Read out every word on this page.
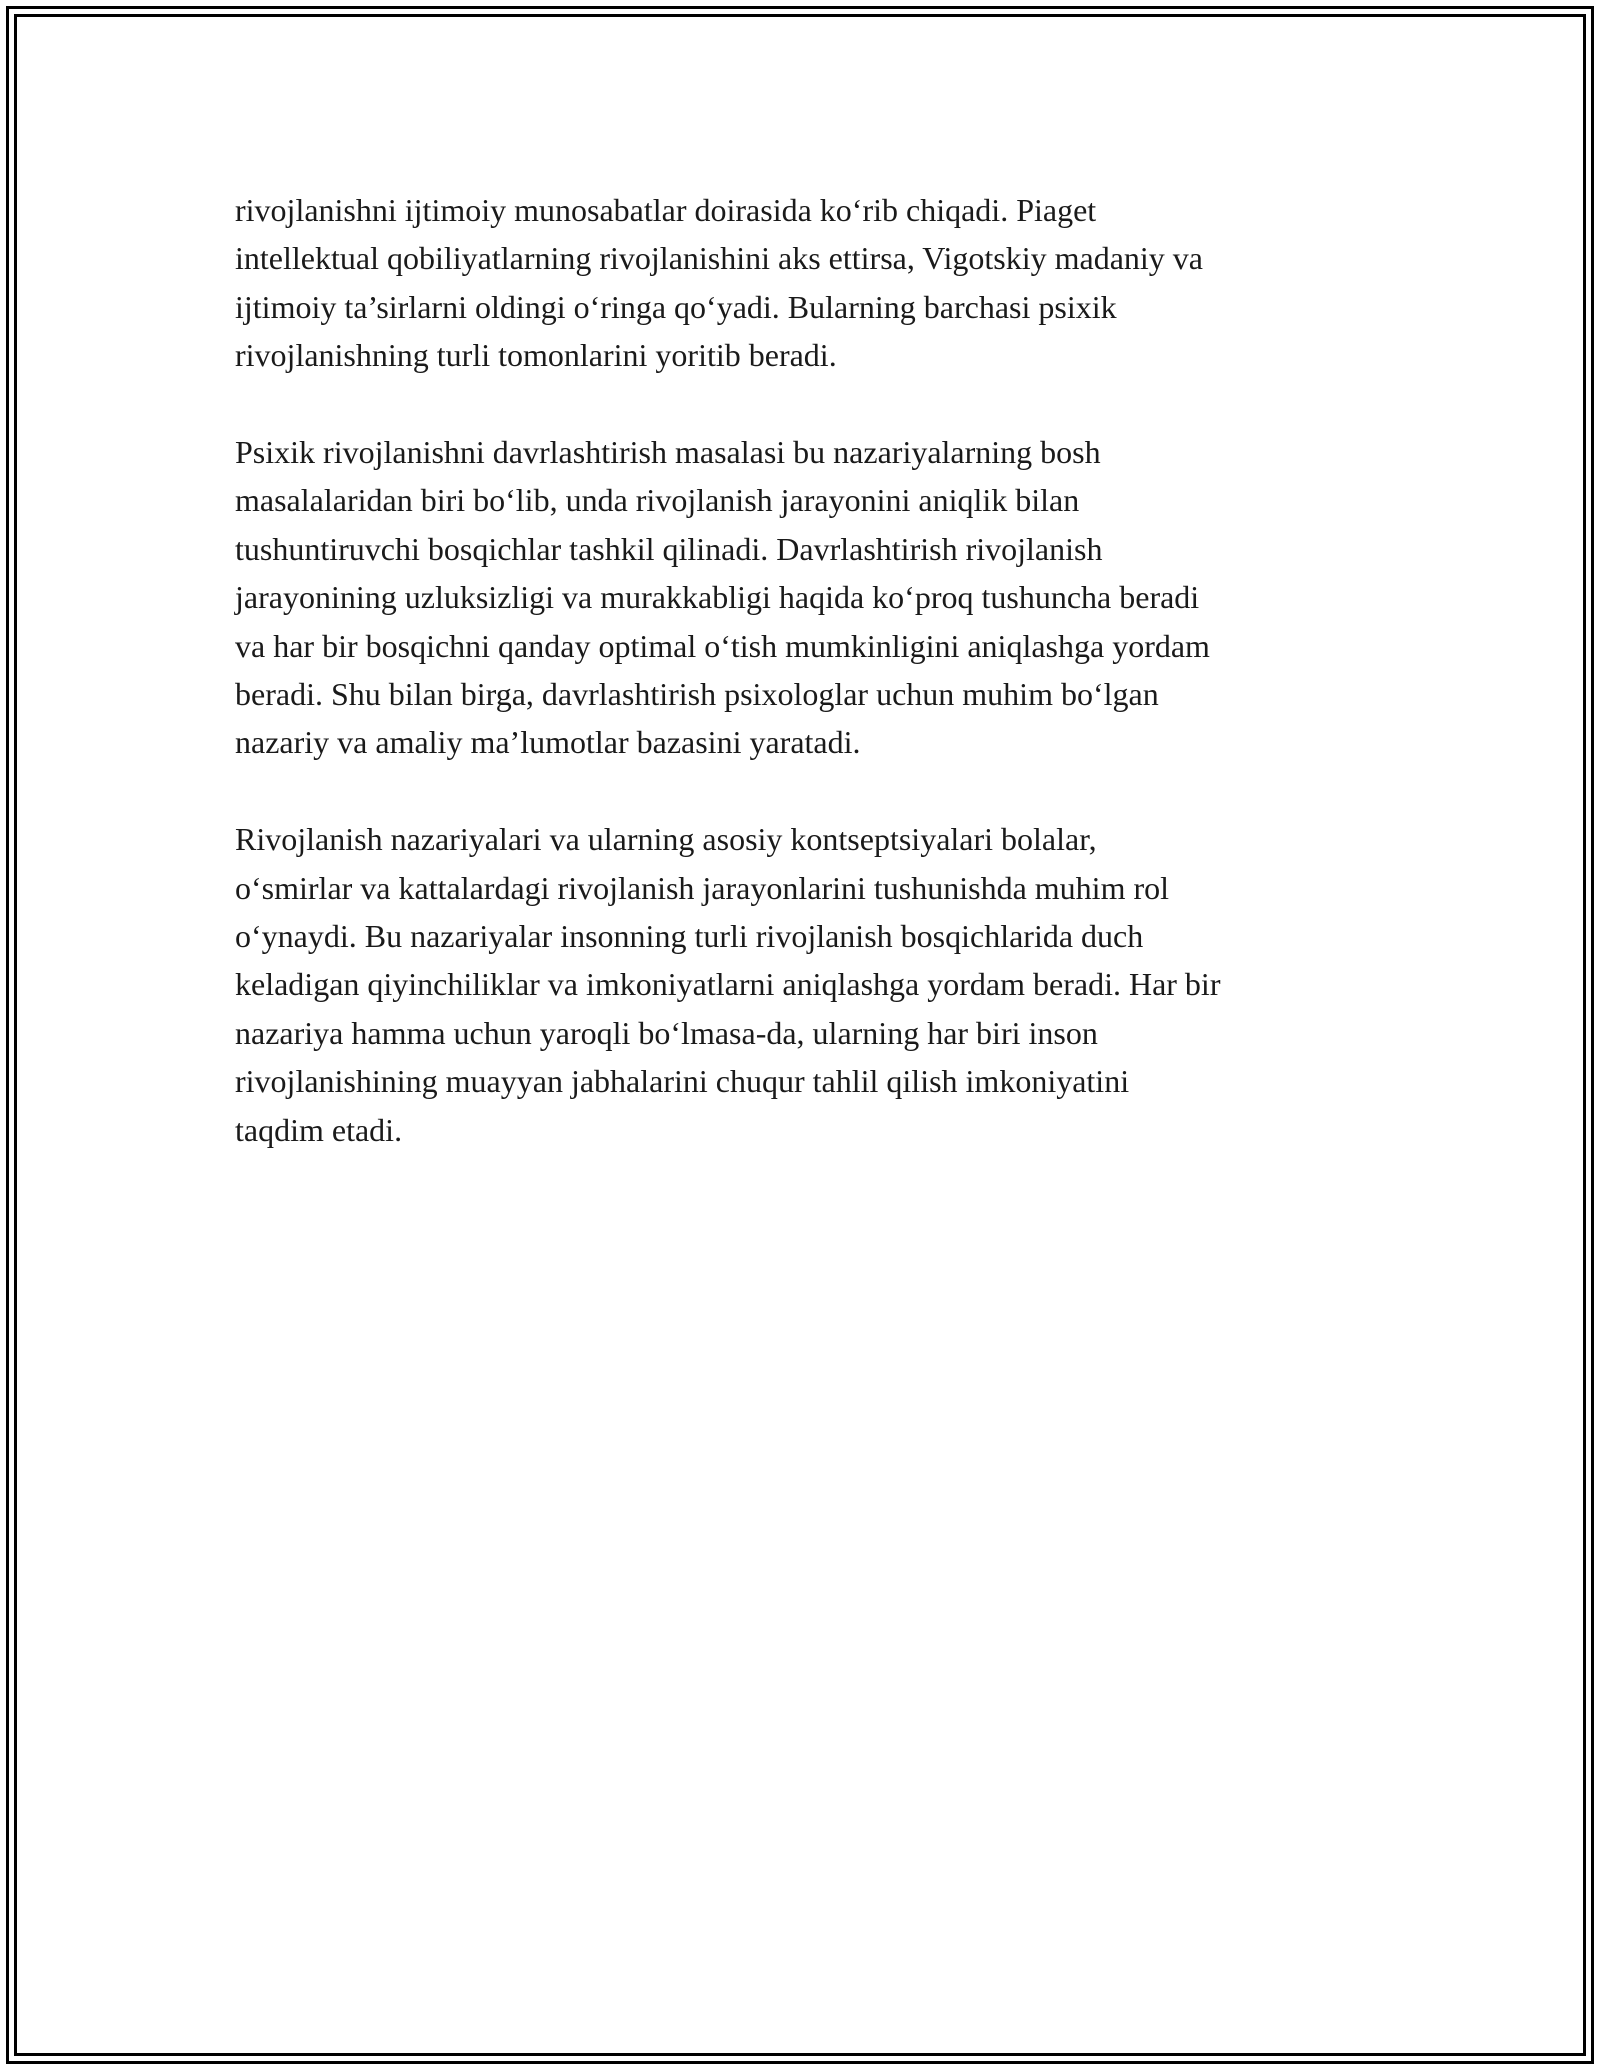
rivojlanishni ijtimoiy munosabatlar doirasida ko‘rib chiqadi. Piaget
intellektual qobiliyatlarning rivojlanishini aks ettirsa, Vigotskiy madaniy va
ijtimoiy ta’sirlarni oldingi o‘ringa qo‘yadi. Bularning barchasi psixik
rivojlanishning turli tomonlarini yoritib beradi.

Psixik rivojlanishni davrlashtirish masalasi bu nazariyalarning bosh
masalalaridan biri bo‘lib, unda rivojlanish jarayonini aniqlik bilan
tushuntiruvchi bosqichlar tashkil qilinadi. Davrlashtirish rivojlanish
jarayonining uzluksizligi va murakkabligi haqida ko‘proq tushuncha beradi
va har bir bosqichni qanday optimal o‘tish mumkinligini aniqlashga yordam
beradi. Shu bilan birga, davrlashtirish psixologlar uchun muhim bo‘lgan
nazariy va amaliy ma’lumotlar bazasini yaratadi.

Rivojlanish nazariyalari va ularning asosiy kontseptsiyalari bolalar,
o‘smirlar va kattalardagi rivojlanish jarayonlarini tushunishda muhim rol
o‘ynaydi. Bu nazariyalar insonning turli rivojlanish bosqichlarida duch
keladigan qiyinchiliklar va imkoniyatlarni aniqlashga yordam beradi. Har bir
nazariya hamma uchun yaroqli bo‘lmasa-da, ularning har biri inson
rivojlanishining muayyan jabhalarini chuqur tahlil qilish imkoniyatini
taqdim etadi.
